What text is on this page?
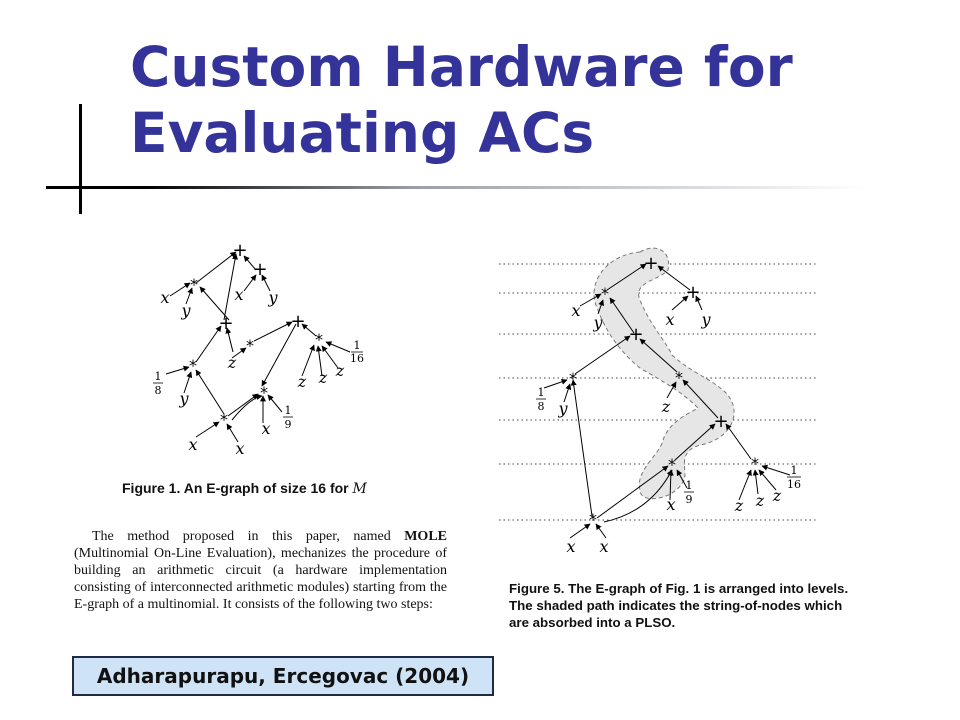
Custom Hardware for
Evaluating ACs
+
+
*
x
y
x y
+	+
*	*
z
1
16
*
1
8 y
z z z
*
* x
1
9
x x
Figure 1. An E-graph of size 16 for M

The method proposed in this paper, named MOLE (Multinomial On-Line Evaluation), mechanizes the procedure of building an arithmetic circuit (a hardware implementation consisting of interconnected arithmetic modules) starting from the E-graph of a multinomial. It consists of the following two steps:

+
+
*
x
y	x y
+
*	*
1
8 y	z
+
*	*	1
16
1
9
x	z z z
*
x x
Figure 5. The E-graph of Fig. 1 is arranged into levels. The shaded path indicates the string-of-nodes which are absorbed into a PLSO.
Adharapurapu, Ercegovac (2004)
